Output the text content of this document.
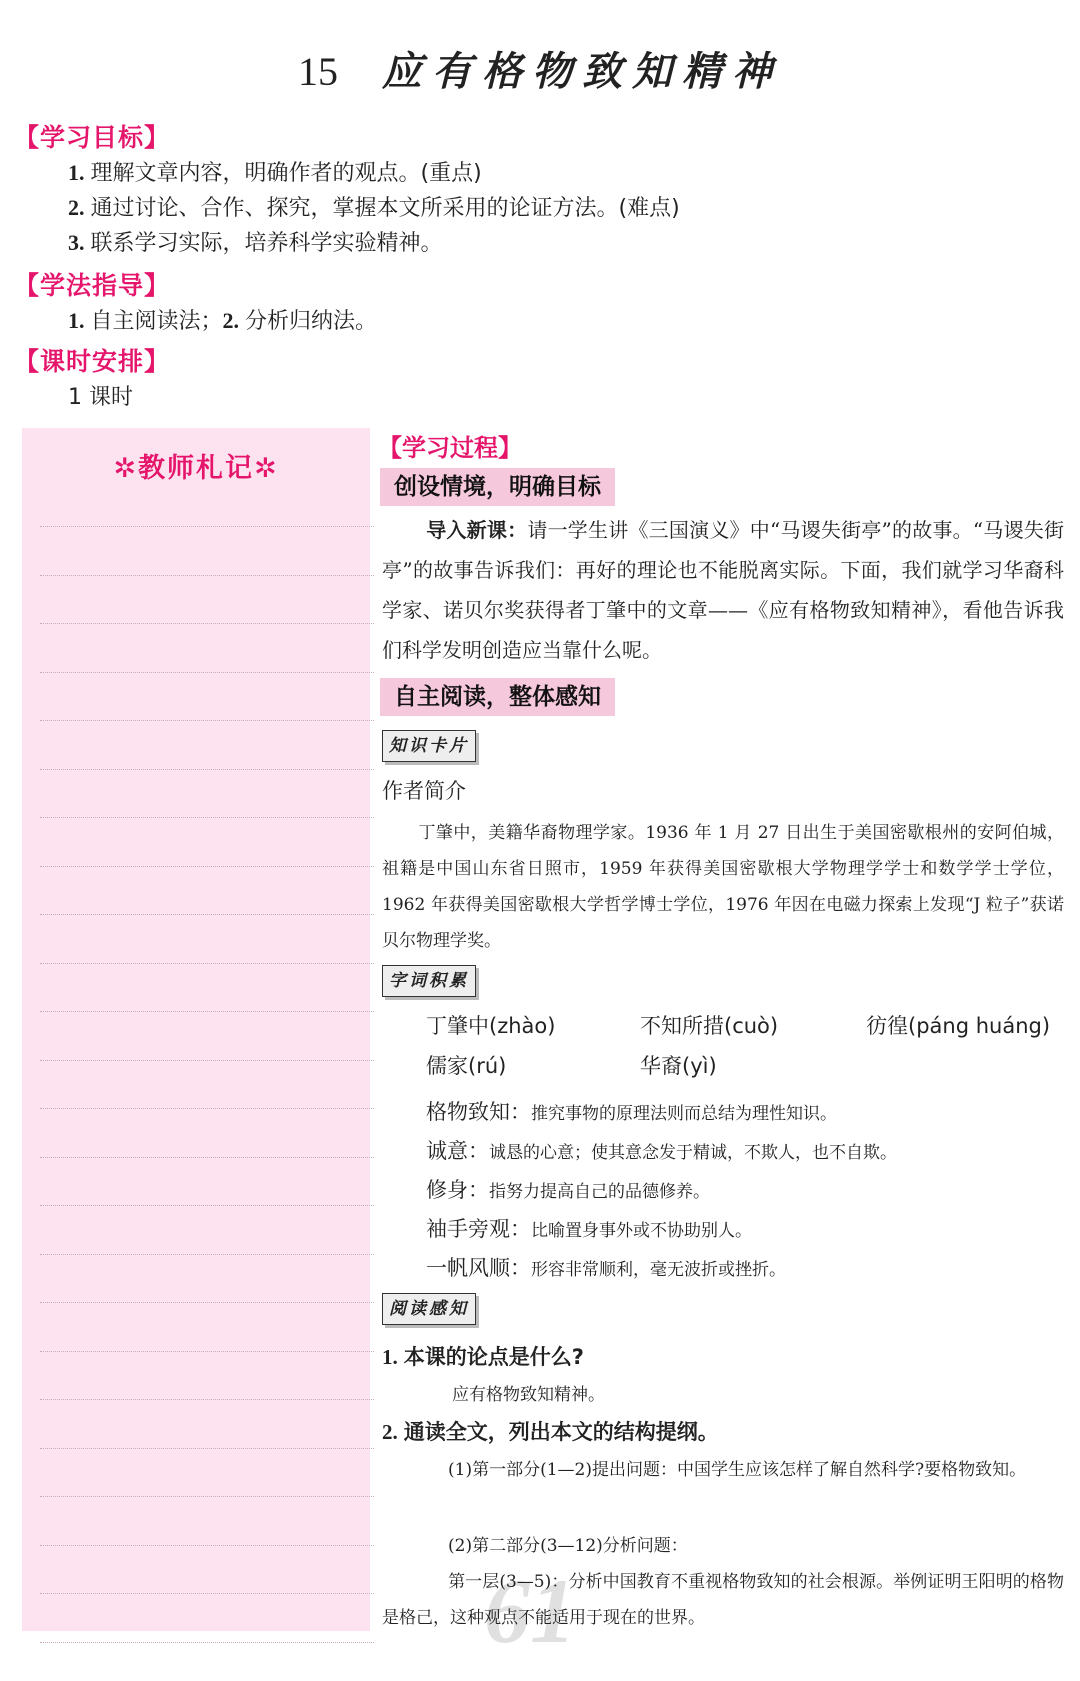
15 应有格物致知精神
【学习目标】
1. 理解文章内容，明确作者的观点。(重点)
2. 通过讨论、合作、探究，掌握本文所采用的论证方法。(难点)
3. 联系学习实际，培养科学实验精神。
【学法指导】
1. 自主阅读法；2. 分析归纳法。
【课时安排】
1 课时
✲教师札记✲
【学习过程】
创设情境，明确目标
导入新课：请一学生讲《三国演义》中“马谡失街亭”的故事。“马谡失街亭”的故事告诉我们：再好的理论也不能脱离实际。下面，我们就学习华裔科学家、诺贝尔奖获得者丁肇中的文章——《应有格物致知精神》，看他告诉我们科学发明创造应当靠什么呢。
自主阅读，整体感知
知识卡片
作者简介
丁肇中，美籍华裔物理学家。1936 年 1 月 27 日出生于美国密歇根州的安阿伯城，祖籍是中国山东省日照市，1959 年获得美国密歇根大学物理学学士和数学学士学位，1962 年获得美国密歇根大学哲学博士学位，1976 年因在电磁力探索上发现“J 粒子”获诺贝尔物理学奖。
字词积累
丁肇中(zhào)	不知所措(cuò)	彷徨(páng huáng)
儒家(rú)	华裔(yì)
格物致知：推究事物的原理法则而总结为理性知识。
诚意：诚恳的心意；使其意念发于精诚，不欺人，也不自欺。
修身：指努力提高自己的品德修养。
袖手旁观：比喻置身事外或不协助别人。
一帆风顺：形容非常顺利，毫无波折或挫折。
阅读感知
1. 本课的论点是什么?
应有格物致知精神。
2. 通读全文，列出本文的结构提纲。
(1)第一部分(1—2)提出问题：中国学生应该怎样了解自然科学?要格物致知。
(2)第二部分(3—12)分析问题：
61
第一层(3—5)：分析中国教育不重视格物致知的社会根源。举例证明王阳明的格物是格己，这种观点不能适用于现在的世界。
